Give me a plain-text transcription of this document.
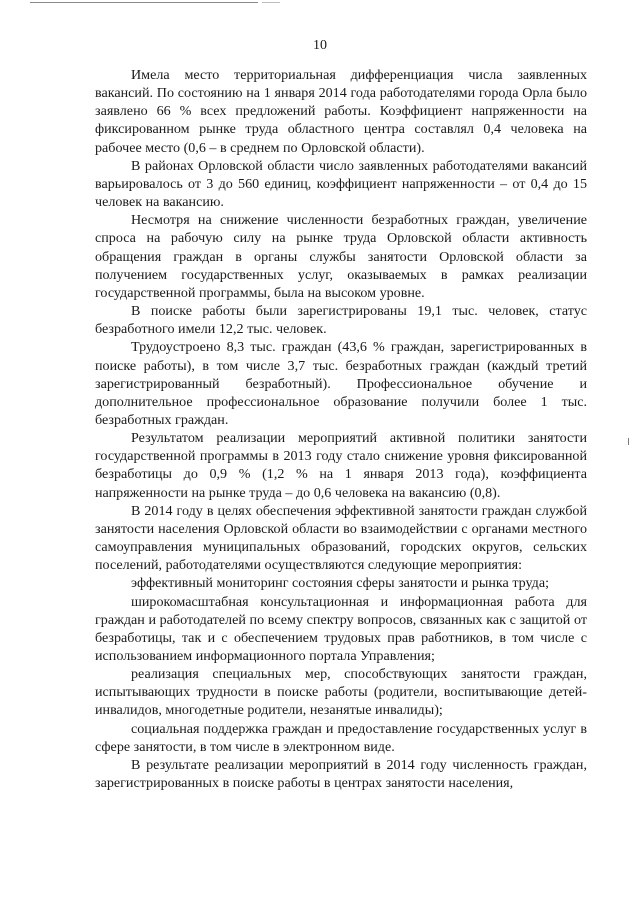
10

Имела место территориальная дифференциация числа заявленных вакансий. По состоянию на 1 января 2014 года работодателями города Орла было заявлено 66 % всех предложений работы. Коэффициент напряженности на фиксированном рынке труда областного центра составлял 0,4 человека на рабочее место (0,6 – в среднем по Орловской области).

В районах Орловской области число заявленных работодателями вакансий варьировалось от 3 до 560 единиц, коэффициент напряженности – от 0,4 до 15 человек на вакансию.

Несмотря на снижение численности безработных граждан, увеличение спроса на рабочую силу на рынке труда Орловской области активность обращения граждан в органы службы занятости Орловской области за получением государственных услуг, оказываемых в рамках реализации государственной программы, была на высоком уровне.

В поиске работы были зарегистрированы 19,1 тыс. человек, статус безработного имели 12,2 тыс. человек.

Трудоустроено 8,3 тыс. граждан (43,6 % граждан, зарегистрированных в поиске работы), в том числе 3,7 тыс. безработных граждан (каждый третий зарегистрированный безработный). Профессиональное обучение и дополнительное профессиональное образование получили более 1 тыс. безработных граждан.

Результатом реализации мероприятий активной политики занятости государственной программы в 2013 году стало снижение уровня фиксированной безработицы до 0,9 % (1,2 % на 1 января 2013 года), коэффициента напряженности на рынке труда – до 0,6 человека на вакансию (0,8).

В 2014 году в целях обеспечения эффективной занятости граждан службой занятости населения Орловской области во взаимодействии с органами местного самоуправления муниципальных образований, городских округов, сельских поселений, работодателями осуществляются следующие мероприятия:

эффективный мониторинг состояния сферы занятости и рынка труда;

широкомасштабная консультационная и информационная работа для граждан и работодателей по всему спектру вопросов, связанных как с защитой от безработицы, так и с обеспечением трудовых прав работников, в том числе с использованием информационного портала Управления;

реализация специальных мер, способствующих занятости граждан, испытывающих трудности в поиске работы (родители, воспитывающие детей-инвалидов, многодетные родители, незанятые инвалиды);

социальная поддержка граждан и предоставление государственных услуг в сфере занятости, в том числе в электронном виде.

В результате реализации мероприятий в 2014 году численность граждан, зарегистрированных в поиске работы в центрах занятости населения,
